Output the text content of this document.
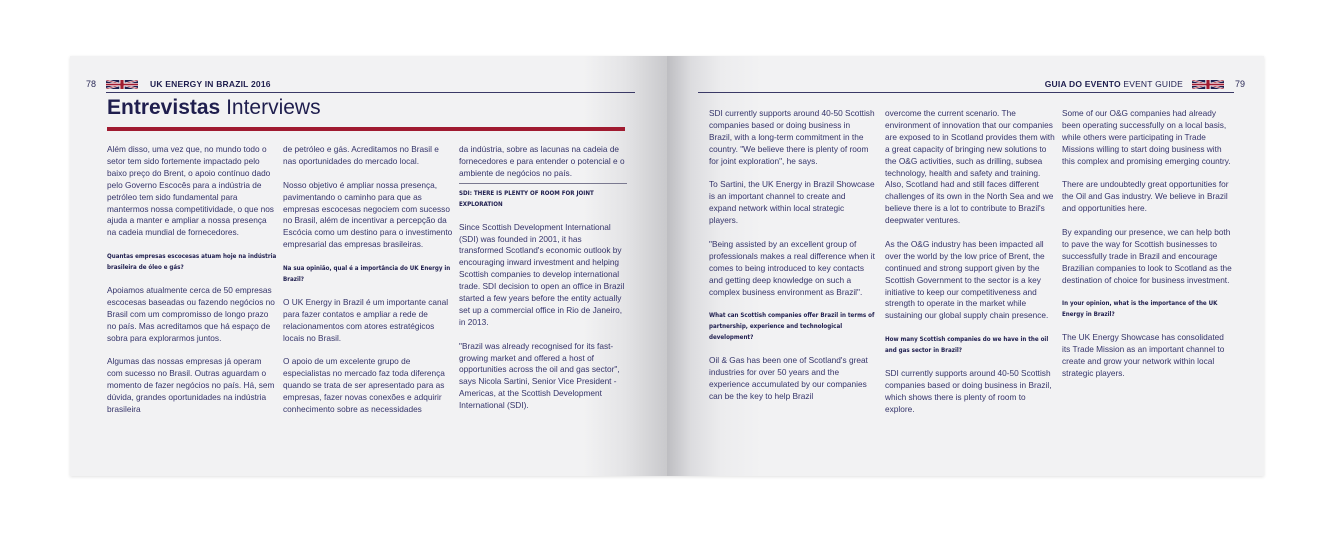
78	UK ENERGY IN BRAZIL 2016
Entrevistas Interviews

Além disso, uma vez que, no mundo todo o setor tem sido fortemente impactado pelo baixo preço do Brent, o apoio contínuo dado pelo Governo Escocês para a indústria de petróleo tem sido fundamental para mantermos nossa competitividade, o que nos ajuda a manter e ampliar a nossa presença na cadeia mundial de fornecedores.

Quantas empresas escocesas atuam hoje na indústria brasileira de óleo e gás?

Apoiamos atualmente cerca de 50 empresas escocesas baseadas ou fazendo negócios no Brasil com um compromisso de longo prazo no país. Mas acreditamos que há espaço de sobra para explorarmos juntos.

Algumas das nossas empresas já operam com sucesso no Brasil. Outras aguardam o momento de fazer negócios no país. Há, sem dúvida, grandes oportunidades na indústria brasileira

de petróleo e gás. Acreditamos no Brasil e nas oportunidades do mercado local.

Nosso objetivo é ampliar nossa presença, pavimentando o caminho para que as empresas escocesas negociem com sucesso no Brasil, além de incentivar a percepção da Escócia como um destino para o investimento empresarial das empresas brasileiras.

Na sua opinião, qual é a importância do UK Energy in Brazil?

O UK Energy in Brazil é um importante canal para fazer contatos e ampliar a rede de relacionamentos com atores estratégicos locais no Brasil.

O apoio de um excelente grupo de especialistas no mercado faz toda diferença quando se trata de ser apresentado para as empresas, fazer novas conexões e adquirir conhecimento sobre as necessidades

da indústria, sobre as lacunas na cadeia de fornecedores e para entender o potencial e o ambiente de negócios no país.

SDI: THERE IS PLENTY OF ROOM FOR JOINT EXPLORATION

Since Scottish Development International (SDI) was founded in 2001, it has transformed Scotland's economic outlook by encouraging inward investment and helping Scottish companies to develop international trade. SDI decision to open an office in Brazil started a few years before the entity actually set up a commercial office in Rio de Janeiro, in 2013.

"Brazil was already recognised for its fast-growing market and offered a host of opportunities across the oil and gas sector", says Nicola Sartini, Senior Vice President - Americas, at the Scottish Development International (SDI).

GUIA DO EVENTO EVENT GUIDE	79

SDI currently supports around 40-50 Scottish companies based or doing business in Brazil, with a long-term commitment in the country. "We believe there is plenty of room for joint exploration", he says.

To Sartini, the UK Energy in Brazil Showcase is an important channel to create and expand network within local strategic players.

"Being assisted by an excellent group of professionals makes a real difference when it comes to being introduced to key contacts and getting deep knowledge on such a complex business environment as Brazil".

What can Scottish companies offer Brazil in terms of partnership, experience and technological development?

Oil & Gas has been one of Scotland's great industries for over 50 years and the experience accumulated by our companies can be the key to help Brazil

overcome the current scenario. The environment of innovation that our companies are exposed to in Scotland provides them with a great capacity of bringing new solutions to the O&G activities, such as drilling, subsea technology, health and safety and training. Also, Scotland had and still faces different challenges of its own in the North Sea and we believe there is a lot to contribute to Brazil's deepwater ventures.

As the O&G industry has been impacted all over the world by the low price of Brent, the continued and strong support given by the Scottish Government to the sector is a key initiative to keep our competitiveness and strength to operate in the market while sustaining our global supply chain presence.

How many Scottish companies do we have in the oil and gas sector in Brazil?

SDI currently supports around 40-50 Scottish companies based or doing business in Brazil, which shows there is plenty of room to explore.

Some of our O&G companies had already been operating successfully on a local basis, while others were participating in Trade Missions willing to start doing business with this complex and promising emerging country.

There are undoubtedly great opportunities for the Oil and Gas industry. We believe in Brazil and opportunities here.

By expanding our presence, we can help both to pave the way for Scottish businesses to successfully trade in Brazil and encourage Brazilian companies to look to Scotland as the destination of choice for business investment.

In your opinion, what is the importance of the UK Energy in Brazil?

The UK Energy Showcase has consolidated its Trade Mission as an important channel to create and grow your network within local strategic players.
